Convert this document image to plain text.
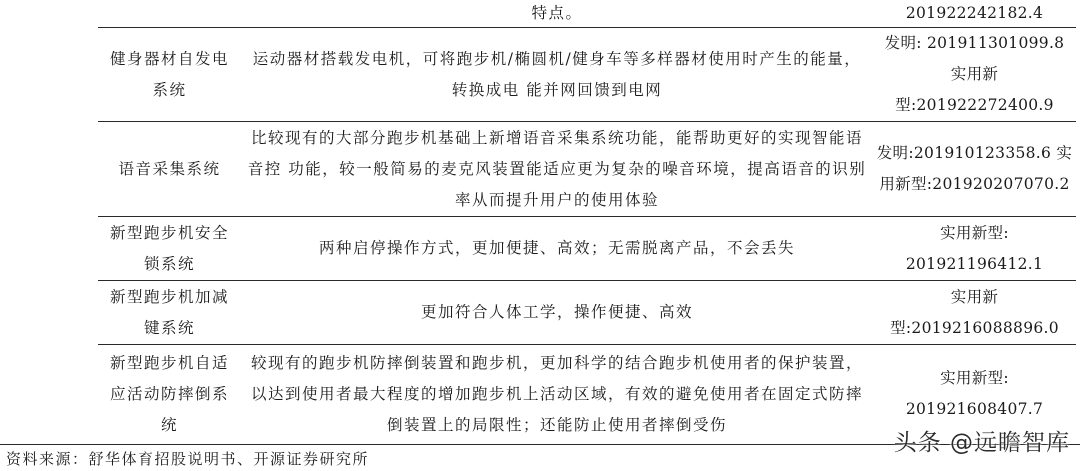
特点。	201922242182.4
健身器材自发电系统
运动器材搭载发电机，可将跑步机/椭圆机/健身车等多样器材使用时产生的能量，转换成电 能并网回馈到电网
发明: 201911301099.8 实用新型:201922272400.9
语音采集系统
比较现有的大部分跑步机基础上新增语音采集系统功能，能帮助更好的实现智能语音控 功能，较一般简易的麦克风装置能适应更为复杂的噪音环境，提高语音的识别率从而提升用户的使用体验
发明:201910123358.6 实用新型:201920207070.2
新型跑步机安全锁系统
两种启停操作方式，更加便捷、高效；无需脱离产品，不会丢失
实用新型: 201921196412.1
新型跑步机加减键系统
更加符合人体工学，操作便捷、高效
实用新型:2019216088896.0
新型跑步机自适应活动防摔倒系统
较现有的跑步机防摔倒装置和跑步机，更加科学的结合跑步机使用者的保护装置，以达到使用者最大程度的增加跑步机上活动区域，有效的避免使用者在固定式防摔倒装置上的局限性；还能防止使用者摔倒受伤
实用新型: 201921608407.7
资料来源：舒华体育招股说明书、开源证券研究所
头条 @远瞻智库
